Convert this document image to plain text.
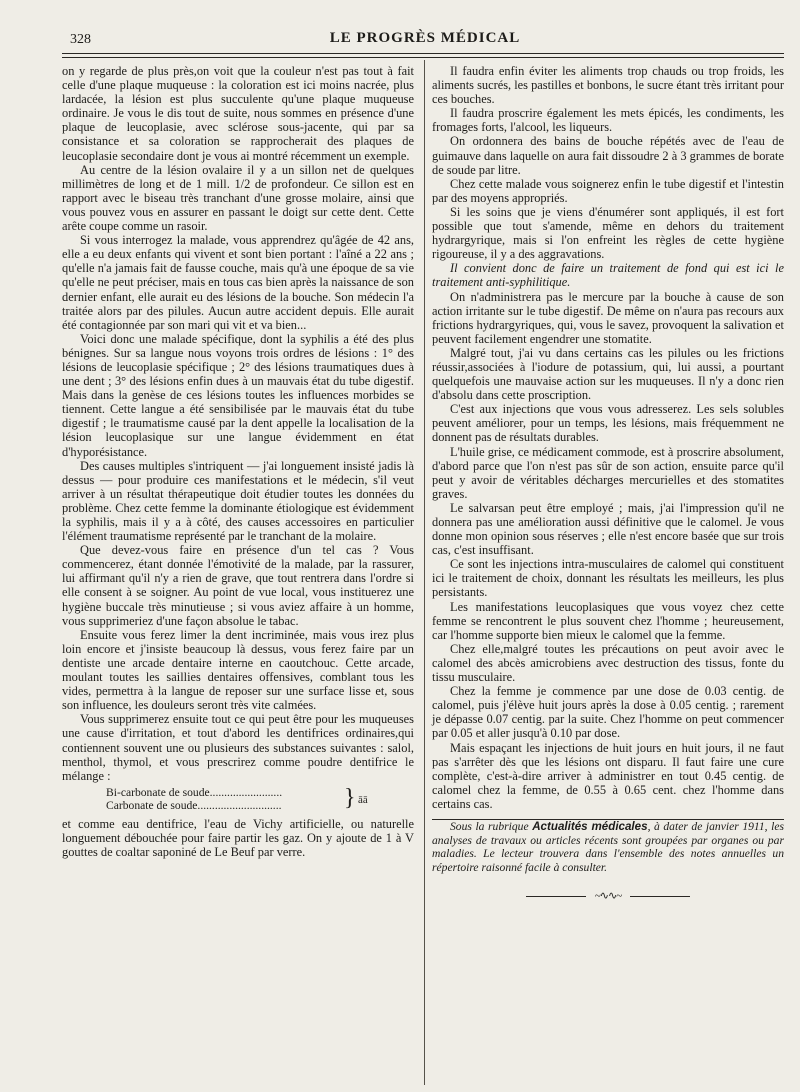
328	LE PROGRÈS MÉDICAL

on y regarde de plus près,on voit que la couleur n'est pas tout à fait celle d'une plaque muqueuse : la coloration est ici moins nacrée, plus lardacée, la lésion est plus succulente qu'une plaque muqueuse ordinaire. Je vous le dis tout de suite, nous sommes en présence d'une plaque de leucoplasie, avec sclérose sous-jacente, qui par sa consistance et sa coloration se rapprocherait des plaques de leucoplasie secondaire dont je vous ai montré récemment un exemple.

Au centre de la lésion ovalaire il y a un sillon net de quelques millimètres de long et de 1 mill. 1/2 de profondeur. Ce sillon est en rapport avec le biseau très tranchant d'une grosse molaire, ainsi que vous pouvez vous en assurer en passant le doigt sur cette dent. Cette arête coupe comme un rasoir.

Si vous interrogez la malade, vous apprendrez qu'âgée de 42 ans, elle a eu deux enfants qui vivent et sont bien portant : l'aîné a 22 ans ; qu'elle n'a jamais fait de fausse couche, mais qu'à une époque de sa vie qu'elle ne peut préciser, mais en tous cas bien après la naissance de son dernier enfant, elle aurait eu des lésions de la bouche. Son médecin l'a traitée alors par des pilules. Aucun autre accident depuis. Elle aurait été contagionnée par son mari qui vit et va bien...

Voici donc une malade spécifique, dont la syphilis a été des plus bénignes. Sur sa langue nous voyons trois ordres de lésions : 1° des lésions de leucoplasie spécifique ; 2° des lésions traumatiques dues à une dent ; 3° des lésions enfin dues à un mauvais état du tube digestif. Mais dans la genèse de ces lésions toutes les influences morbides se tiennent. Cette langue a été sensibilisée par le mauvais état du tube digestif ; le traumatisme causé par la dent appelle la localisation de la lésion leucoplasique sur une langue évidemment en état d'hyporésistance.

Des causes multiples s'intriquent — j'ai longuement insisté jadis là dessus — pour produire ces manifestations et le médecin, s'il veut arriver à un résultat thérapeutique doit étudier toutes les données du problème. Chez cette femme la dominante étiologique est évidemment la syphilis, mais il y a à côté, des causes accessoires en particulier l'élément traumatisme représenté par le tranchant de la molaire.

Que devez-vous faire en présence d'un tel cas ? Vous commencerez, étant donnée l'émotivité de la malade, par la rassurer, lui affirmant qu'il n'y a rien de grave, que tout rentrera dans l'ordre si elle consent à se soigner. Au point de vue local, vous instituerez une hygiène buccale très minutieuse ; si vous aviez affaire à un homme, vous supprimeriez d'une façon absolue le tabac.

Ensuite vous ferez limer la dent incriminée, mais vous irez plus loin encore et j'insiste beaucoup là dessus, vous ferez faire par un dentiste une arcade dentaire interne en caoutchouc. Cette arcade, moulant toutes les saillies dentaires offensives, comblant tous les vides, permettra à la langue de reposer sur une surface lisse et, sous son influence, les douleurs seront très vite calmées.

Vous supprimerez ensuite tout ce qui peut être pour les muqueuses une cause d'irritation, et tout d'abord les dentifrices ordinaires,qui contiennent souvent une ou plusieurs des substances suivantes : salol, menthol, thymol, et vous prescrirez comme poudre dentifrice le mélange :

Bi-carbonate de soude.........................
Carbonate de soude.............................	} āā

et comme eau dentifrice, l'eau de Vichy artificielle, ou naturelle longuement débouchée pour faire partir les gaz. On y ajoute de 1 à V gouttes de coaltar saponiné de Le Beuf par verre.

Il faudra enfin éviter les aliments trop chauds ou trop froids, les aliments sucrés, les pastilles et bonbons, le sucre étant très irritant pour ces bouches.

Il faudra proscrire également les mets épicés, les condiments, les fromages forts, l'alcool, les liqueurs.

On ordonnera des bains de bouche répétés avec de l'eau de guimauve dans laquelle on aura fait dissoudre 2 à 3 grammes de borate de soude par litre.

Chez cette malade vous soignerez enfin le tube digestif et l'intestin par des moyens appropriés.

Si les soins que je viens d'énumérer sont appliqués, il est fort possible que tout s'amende, même en dehors du traitement hydrargyrique, mais si l'on enfreint les règles de cette hygiène rigoureuse, il y a des aggravations.

Il convient donc de faire un traitement de fond qui est ici le traitement anti-syphilitique.

On n'administrera pas le mercure par la bouche à cause de son action irritante sur le tube digestif. De même on n'aura pas recours aux frictions hydrargyriques, qui, vous le savez, provoquent la salivation et peuvent facilement engendrer une stomatite.

Malgré tout, j'ai vu dans certains cas les pilules ou les frictions réussir,associées à l'iodure de potassium, qui, lui aussi, a pourtant quelquefois une mauvaise action sur les muqueuses. Il n'y a donc rien d'absolu dans cette proscription.

C'est aux injections que vous vous adresserez. Les sels solubles peuvent améliorer, pour un temps, les lésions, mais fréquemment ne donnent pas de résultats durables.

L'huile grise, ce médicament commode, est à proscrire absolument, d'abord parce que l'on n'est pas sûr de son action, ensuite parce qu'il peut y avoir de véritables décharges mercurielles et des stomatites graves.

Le salvarsan peut être employé ; mais, j'ai l'impression qu'il ne donnera pas une amélioration aussi définitive que le calomel. Je vous donne mon opinion sous réserves ; elle n'est encore basée que sur trois cas, c'est insuffisant.

Ce sont les injections intra-musculaires de calomel qui constituent ici le traitement de choix, donnant les résultats les meilleurs, les plus persistants.

Les manifestations leucoplasiques que vous voyez chez cette femme se rencontrent le plus souvent chez l'homme ; heureusement, car l'homme supporte bien mieux le calomel que la femme.

Chez elle,malgré toutes les précautions on peut avoir avec le calomel des abcès amicrobiens avec destruction des tissus, fonte du tissu musculaire.

Chez la femme je commence par une dose de 0.03 centig. de calomel, puis j'élève huit jours après la dose à 0.05 centig. ; rarement je dépasse 0.07 centig. par la suite. Chez l'homme on peut commencer par 0.05 et aller jusqu'à 0.10 par dose.

Mais espaçant les injections de huit jours en huit jours, il ne faut pas s'arrêter dès que les lésions ont disparu. Il faut faire une cure complète, c'est-à-dire arriver à administrer en tout 0.45 centig. de calomel chez la femme, de 0.55 à 0.65 cent. chez l'homme dans certains cas.

Sous la rubrique Actualités médicales, à dater de janvier 1911, les analyses de travaux ou articles récents sont groupées par organes ou par maladies. Le lecteur trouvera dans l'ensemble des notes annuelles un répertoire raisonné facile à consulter.

~∿∿~
